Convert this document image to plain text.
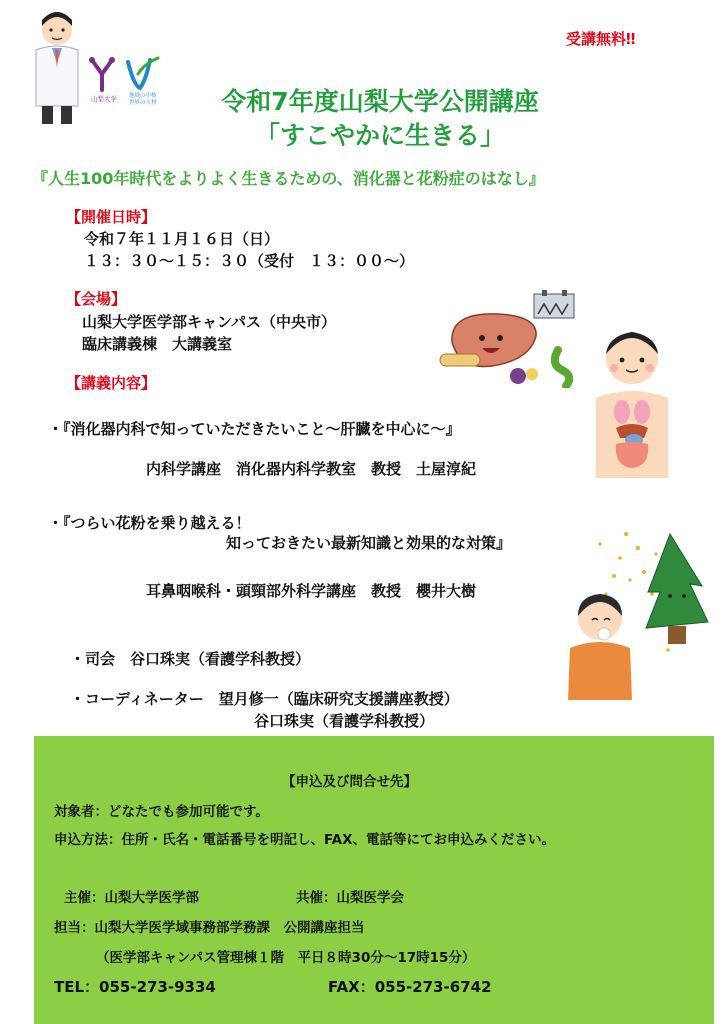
受講無料‼
山梨大学 地域の中核
世界の人材	令和7年度山梨大学公開講座
「すこやかに生きる」
『人生100年時代をよりよく生きるための、消化器と花粉症のはなし』
【開催日時】
令和７年１１月１６日（日）
１３：３０～１５：３０（受付　１３：００～）
【会場】
山梨大学医学部キャンパス（中央市）
臨床講義棟　大講義室
【講義内容】
・『消化器内科で知っていただきたいこと～肝臓を中心に～』
内科学講座　消化器内科学教室　教授　土屋淳紀
・『つらい花粉を乗り越える！
知っておきたい最新知識と効果的な対策』
耳鼻咽喉科・頭頸部外科学講座　教授　櫻井大樹
・司会　谷口珠実（看護学科教授）
・コーディネーター　望月修一（臨床研究支援講座教授）
谷口珠実（看護学科教授）
【申込及び問合せ先】
対象者：どなたでも参加可能です。
申込方法：住所・氏名・電話番号を明記し、FAX、電話等にてお申込みください。
主催：山梨大学医学部	共催：山梨医学会
担当：山梨大学医学域事務部学務課　公開講座担当
（医学部キャンパス管理棟１階　平日８時30分～17時15分）
TEL：055-273-9334	FAX：055-273-6742
